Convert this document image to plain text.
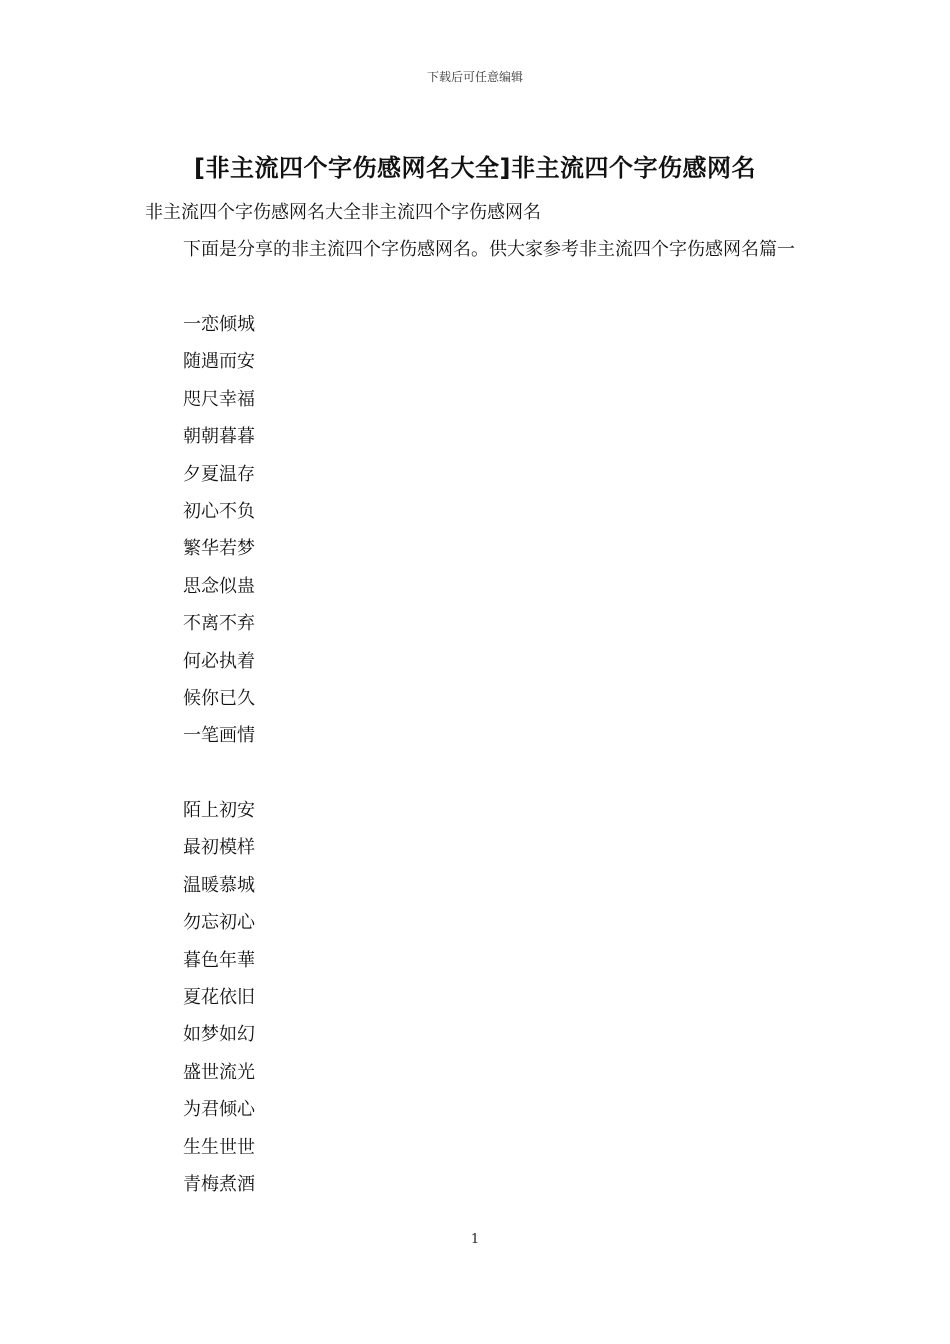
下载后可任意编辑
[非主流四个字伤感网名大全]非主流四个字伤感网名
非主流四个字伤感网名大全非主流四个字伤感网名
下面是分享的非主流四个字伤感网名。供大家参考非主流四个字伤感网名篇一
一恋倾城
随遇而安
咫尺幸福
朝朝暮暮
夕夏温存
初心不负
繁华若梦
思念似蛊
不离不弃
何必执着
候你已久
一笔画情
陌上初安
最初模样
温暖慕城
勿忘初心
暮色年華
夏花依旧
如梦如幻
盛世流光
为君倾心
生生世世
青梅煮酒
1
